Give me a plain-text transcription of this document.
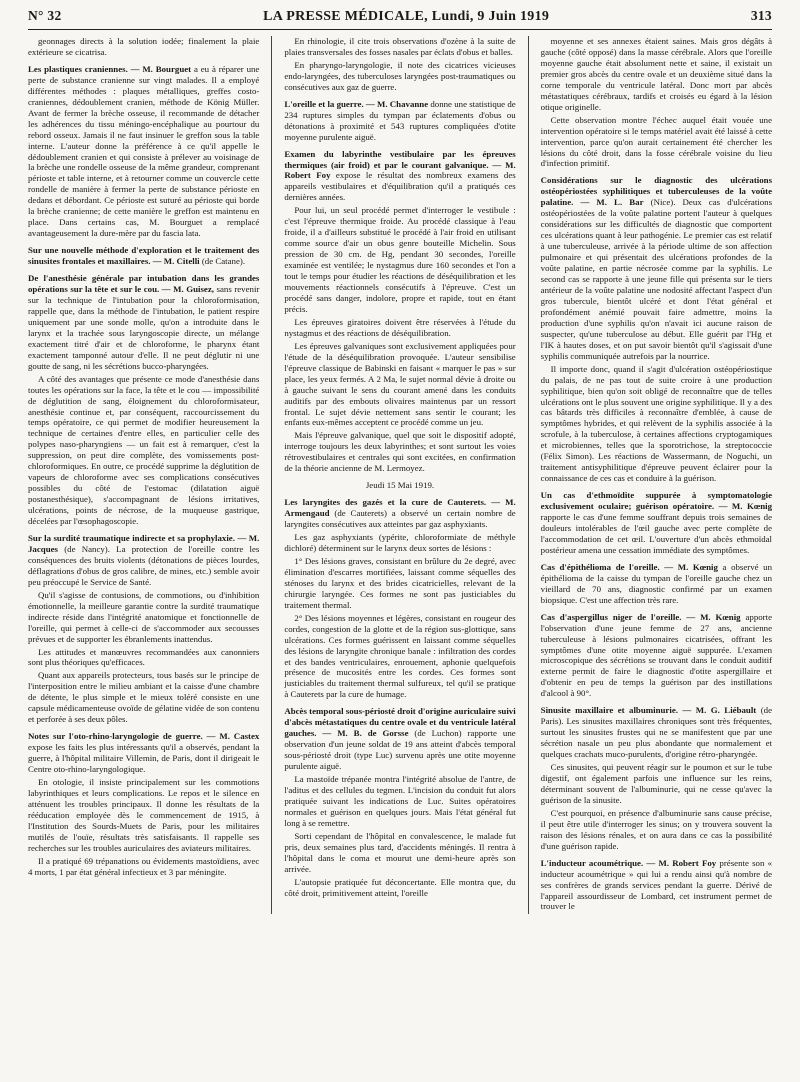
N° 32	LA PRESSE MÉDICALE, Lundi, 9 Juin 1919	313

geonnages directs à la solution iodée; finalement la plaie extérieure se cicatrisa.

Les plastiques craniennes. — M. Bourguet a eu à réparer une perte de substance cranienne sur vingt malades. Il a employé différentes méthodes : plaques métalliques, greffes costo-craniennes, dédoublement cranien, méthode de König Müller. Avant de fermer la brèche osseuse, il recommande de détacher les adhérences du tissu méningo-encéphalique au pourtour du rebord osseux. Jamais il ne faut insinuer le greffon sous la table interne. L'auteur donne la préférence à ce qu'il appelle le dédoublement cranien et qui consiste à prélever au voisinage de la brèche une rondelle osseuse de la même grandeur, comprenant périoste et table interne, et à retourner comme un couvercle cette rondelle de manière à fermer la perte de substance périoste en dedans et débordant. Ce périoste est suturé au périoste qui borde la brèche cranienne; de cette manière le greffon est maintenu en place. Dans certains cas, M. Bourguet a remplacé avantageusement la dure-mère par du fascia lata.

Sur une nouvelle méthode d'exploration et le traitement des sinusites frontales et maxillaires. — M. Citelli (de Catane).

De l'anesthésie générale par intubation dans les grandes opérations sur la tête et sur le cou. — M. Guisez, sans revenir sur la technique de l'intubation pour la chloroformisation, rappelle que, dans la méthode de l'intubation, le patient respire uniquement par une sonde molle, qu'on a introduite dans le larynx et la trachée sous laryngoscopie directe, un mélange exactement titré d'air et de chloroforme, le pharynx étant exactement tamponné autour d'elle. Il ne peut déglutir ni une goutte de sang, ni les sécrétions bucco-pharyngées.

A côté des avantages que présente ce mode d'anesthésie dans toutes les opérations sur la face, la tête et le cou — impossibilité de déglutition de sang, éloignement du chloroformisateur, anesthésie continue et, par conséquent, raccourcissement du temps opératoire, ce qui permet de modifier heureusement la technique de certaines d'entre elles, en particulier celle des polypes naso-pharyngiens — un fait est à remarquer, c'est la suppression, on peut dire complète, des vomissements post-chloroformiques. En outre, ce procédé supprime la déglutition de vapeurs de chloroforme avec ses complications consécutives possibles du côté de l'estomac (dilatation aiguë postanesthésique), s'accompagnant de lésions irritatives, ulcérations, points de nécrose, de la muqueuse gastrique, décelées par l'œsophagoscopie.

Sur la surdité traumatique indirecte et sa prophylaxie. — M. Jacques (de Nancy). La protection de l'oreille contre les conséquences des bruits violents (détonations de pièces lourdes, déflagrations d'obus de gros calibre, de mines, etc.) semble avoir peu préoccupé le Service de Santé.

Qu'il s'agisse de contusions, de commotions, ou d'inhibition émotionnelle, la meilleure garantie contre la surdité traumatique indirecte réside dans l'intégrité anatomique et fonctionnelle de l'oreille, qui permet à celle-ci de s'accommoder aux secousses prévues et de supporter les ébranlements inattendus.

Les attitudes et manœuvres recommandées aux canonniers sont plus théoriques qu'efficaces.

Quant aux appareils protecteurs, tous basés sur le principe de l'interposition entre le milieu ambiant et la caisse d'une chambre de détente, le plus simple et le mieux toléré consiste en une capsule médicamenteuse ovoïde de gélatine vidée de son contenu et perforée à ses deux pôles.

Notes sur l'oto-rhino-laryngologie de guerre. — M. Castex expose les faits les plus intéressants qu'il a observés, pendant la guerre, à l'hôpital militaire Villemin, de Paris, dont il dirigeait le Centre oto-rhino-laryngologique.

En otologie, il insiste principalement sur les commotions labyrinthiques et leurs complications. Le repos et le silence en atténuent les troubles principaux. Il donne les résultats de la rééducation employée dès le commencement de 1915, à l'Institution des Sourds-Muets de Paris, pour les militaires mutilés de l'ouïe, résultats très satisfaisants. Il rappelle ses recherches sur les troubles auriculaires des aviateurs militaires.

Il a pratiqué 69 trépanations ou évidements mastoïdiens, avec 4 morts, 1 par état général infectieux et 3 par méningite.

En rhinologie, il cite trois observations d'ozène à la suite de plaies transversales des fosses nasales par éclats d'obus et balles.

En pharyngo-laryngologie, il note des cicatrices vicieuses endo-laryngées, des tuberculoses laryngées post-traumatiques ou consécutives aux gaz de guerre.

L'oreille et la guerre. — M. Chavanne donne une statistique de 234 ruptures simples du tympan par éclatements d'obus ou détonations à proximité et 543 ruptures compliquées d'otite moyenne purulente aiguë.

Examen du labyrinthe vestibulaire par les épreuves thermiques (air froid) et par le courant galvanique. — M. Robert Foy expose le résultat des nombreux examens des appareils vestibulaires et d'équilibration qu'il a pratiqués ces dernières années.

Pour lui, un seul procédé permet d'interroger le vestibule : c'est l'épreuve thermique froide. Au procédé classique à l'eau froide, il a d'ailleurs substitué le procédé à l'air froid en utilisant comme source d'air un obus genre bouteille Michelin. Sous pression de 30 cm. de Hg, pendant 30 secondes, l'oreille examinée est ventilée; le nystagmus dure 160 secondes et l'on a tout le temps pour étudier les réactions de déséquilibration et les mouvements réactionnels consécutifs à l'épreuve. C'est un procédé sans danger, indolore, propre et rapide, tout en étant précis.

Les épreuves giratoires doivent être réservées à l'étude du nystagmus et des réactions de déséquilibration.

Les épreuves galvaniques sont exclusivement appliquées pour l'étude de la déséquilibration provoquée. L'auteur sensibilise l'épreuve classique de Babinski en faisant « marquer le pas » sur place, les yeux fermés. A 2 Ma, le sujet normal dévie à droite ou à gauche suivant le sens du courant amené dans les conduits auditifs par des embouts olivaires maintenus par un ressort frontal. Le sujet dévie nettement sans sentir le courant; les enfants eux-mêmes acceptent ce procédé comme un jeu.

Mais l'épreuve galvanique, quel que soit le dispositif adopté, interroge toujours les deux labyrinthes; et sont surtout les voies rétrovestibulaires et centrales qui sont excitées, en confirmation de la théorie ancienne de M. Lermoyez.

Jeudi 15 Mai 1919.

Les laryngites des gazés et la cure de Cauterets. — M. Armengaud (de Cauterets) a observé un certain nombre de laryngites consécutives aux atteintes par gaz asphyxiants.

Les gaz asphyxiants (ypérite, chloroformiate de méthyle dichloré) déterminent sur le larynx deux sortes de lésions :

1° Des lésions graves, consistant en brûlure du 2e degré, avec élimination d'escarres mortifiées, laissant comme séquelles des sténoses du larynx et des brides cicatricielles, relevant de la chirurgie laryngée. Ces formes ne sont pas justiciables du traitement thermal.

2° Des lésions moyennes et légères, consistant en rougeur des cordes, congestion de la glotte et de la région sus-glottique, sans ulcérations. Ces formes guérissent en laissant comme séquelles des lésions de laryngite chronique banale : infiltration des cordes et des bandes ventriculaires, enrouement, aphonie quelquefois présence de mucosités entre les cordes. Ces formes sont justiciables du traitement thermal sulfureux, tel qu'il se pratique à Cauterets par la cure de humage.

Abcès temporal sous-périosté droit d'origine auriculaire suivi d'abcès métastatiques du centre ovale et du ventricule latéral gauches. — M. B. de Gorsse (de Luchon) rapporte une observation d'un jeune soldat de 19 ans atteint d'abcès temporal sous-périosté droit (type Luc) survenu après une otite moyenne purulente aiguë.

La mastoïde trépanée montra l'intégrité absolue de l'antre, de l'aditus et des cellules du tegmen. L'incision du conduit fut alors pratiquée suivant les indications de Luc. Suites opératoires normales et guérison en quelques jours. Mais l'état général fut long à se remettre.

Sorti cependant de l'hôpital en convalescence, le malade fut pris, deux semaines plus tard, d'accidents méningés. Il rentra à l'hôpital dans le coma et mourut une demi-heure après son arrivée.

L'autopsie pratiquée fut déconcertante. Elle montra que, du côté droit, primitivement atteint, l'oreille

moyenne et ses annexes étaient saines. Mais gros dégâts à gauche (côté opposé) dans la masse cérébrale. Alors que l'oreille moyenne gauche était absolument nette et saine, il existait un premier gros abcès du centre ovale et un deuxième situé dans la corne temporale du ventricule latéral. Donc mort par abcès métastatiques cérébraux, tardifs et croisés eu égard à la lésion otique originelle.

Cette observation montre l'échec auquel était vouée une intervention opératoire si le temps matériel avait été laissé à cette intervention, parce qu'on aurait certainement été chercher les lésions du côté droit, dans la fosse cérébrale voisine du lieu d'infection primitif.

Considérations sur le diagnostic des ulcérations ostéopériostées syphilitiques et tuberculeuses de la voûte palatine. — M. L. Bar (Nice). Deux cas d'ulcérations ostéopériostées de la voûte palatine portent l'auteur à quelques considérations sur les difficultés de diagnostic que comportent ces ulcérations quant à leur pathogénie. Le premier cas est relatif à une tuberculeuse, arrivée à la période ultime de son affection pulmonaire et qui présentait des ulcérations profondes de la voûte palatine, en partie nécrosée comme par la syphilis. Le second cas se rapporte à une jeune fille qui présenta sur le tiers antérieur de la voûte palatine une nodosité affectant l'aspect d'un gros tubercule, bientôt ulcéré et dont l'état général et profondément anémié pouvait faire admettre, moins la production d'une syphilis qu'on n'avait ici aucune raison de suspecter, qu'une tuberculose au début. Elle guérit par l'Hg et l'IK à hautes doses, et on put savoir bientôt qu'il s'agissait d'une syphilis communiquée autrefois par la nourrice.

Il importe donc, quand il s'agit d'ulcération ostéopériostique du palais, de ne pas tout de suite croire à une production syphilitique, bien qu'on soit obligé de reconnaître que de telles ulcérations ont le plus souvent une origine syphilitique. Il y a des cas bâtards très difficiles à reconnaître d'emblée, à cause de symptômes hybrides, et qui relèvent de la syphilis associée à la scrofule, à la tuberculose, à certaines affections cryptogamiques et microbiennes, telles que la sporotrichose, la streptococcie (Félix Simon). Les réactions de Wassermann, de Noguchi, un traitement antisyphilitique d'épreuve peuvent éclairer pour la connaissance de ces cas et conduire à la guérison.

Un cas d'ethmoïdite suppurée à symptomatologie exclusivement oculaire; guérison opératoire. — M. Kœnig rapporte le cas d'une femme souffrant depuis trois semaines de douleurs intolérables de l'œil gauche avec perte complète de l'accommodation de cet œil. L'ouverture d'un abcès ethmoïdal postérieur amena une cessation immédiate des symptômes.

Cas d'épithélioma de l'oreille. — M. Kœnig a observé un épithélioma de la caisse du tympan de l'oreille gauche chez un vieillard de 70 ans, diagnostic confirmé par un examen biopsique. C'est une affection très rare.

Cas d'aspergillus niger de l'oreille. — M. Kœnig apporte l'observation d'une jeune femme de 27 ans, ancienne tuberculeuse à lésions pulmonaires cicatrisées, offrant les symptômes d'une otite moyenne aiguë suppurée. L'examen microscopique des sécrétions se trouvant dans le conduit auditif externe permit de faire le diagnostic d'otite aspergillaire et d'obtenir en peu de temps la guérison par des instillations d'alcool à 90°.

Sinusite maxillaire et albuminurie. — M. G. Liébault (de Paris). Les sinusites maxillaires chroniques sont très fréquentes, surtout les sinusites frustes qui ne se manifestent que par une sécrétion nasale un peu plus abondante que normalement et quelques crachats muco-purulents, d'origine rétro-pharyngée.

Ces sinusites, qui peuvent réagir sur le poumon et sur le tube digestif, ont également parfois une influence sur les reins, déterminant souvent de l'albuminurie, qui ne cesse qu'avec la guérison de la sinusite.

C'est pourquoi, en présence d'albuminurie sans cause précise, il peut être utile d'interroger les sinus; on y trouvera souvent la raison des lésions rénales, et on aura dans ce cas la possibilité d'une guérison rapide.

L'inducteur acoumétrique. — M. Robert Foy présente son « inducteur acoumétrique » qui lui a rendu ainsi qu'à nombre de ses confrères de grands services pendant la guerre. Dérivé de l'appareil assourdisseur de Lombard, cet instrument permet de trouver le
